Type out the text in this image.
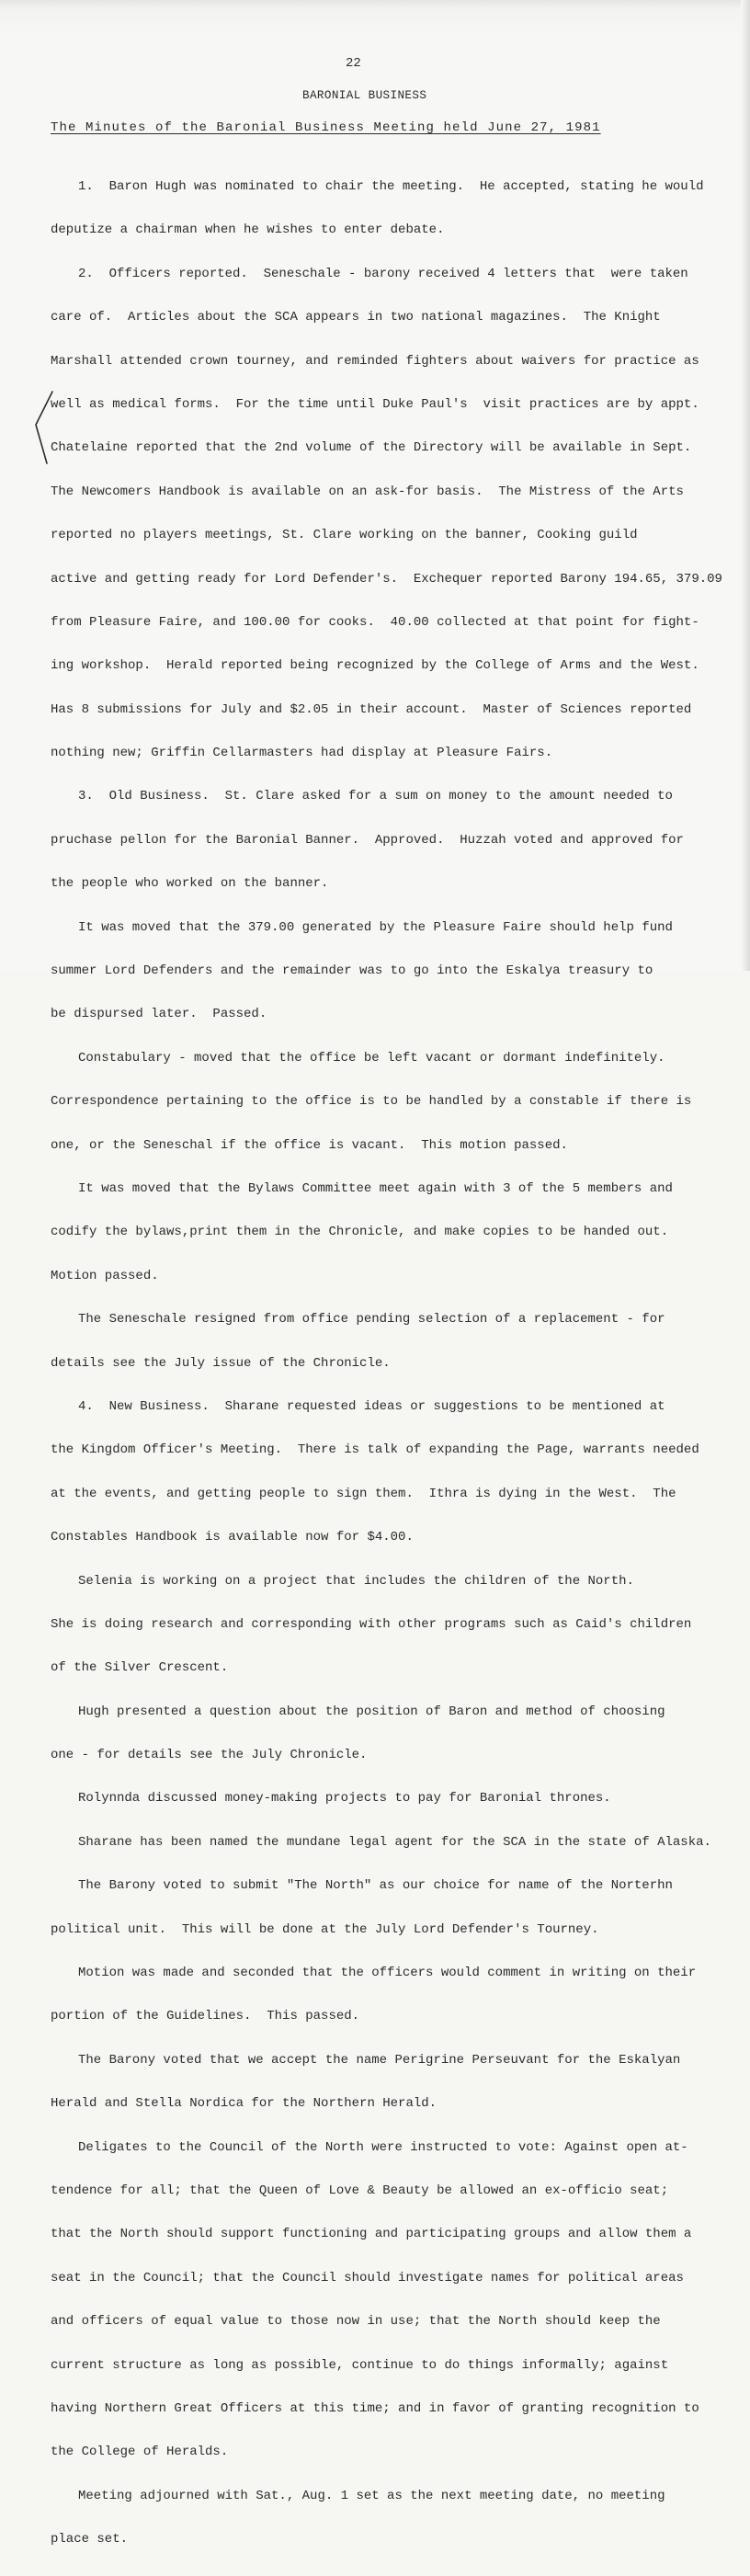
22
BARONIAL BUSINESS
The Minutes of the Baronial Business Meeting held June 27, 1981

1.  Baron Hugh was nominated to chair the meeting.  He accepted, stating he would

deputize a chairman when he wishes to enter debate.

2.  Officers reported.  Seneschale - barony received 4 letters that  were taken

care of.  Articles about the SCA appears in two national magazines.  The Knight

Marshall attended crown tourney, and reminded fighters about waivers for practice as

well as medical forms.  For the time until Duke Paul's  visit practices are by appt.

Chatelaine reported that the 2nd volume of the Directory will be available in Sept.

The Newcomers Handbook is available on an ask-for basis.  The Mistress of the Arts

reported no players meetings, St. Clare working on the banner, Cooking guild

active and getting ready for Lord Defender's.  Exchequer reported Barony 194.65, 379.09

from Pleasure Faire, and 100.00 for cooks.  40.00 collected at that point for fight-

ing workshop.  Herald reported being recognized by the College of Arms and the West.

Has 8 submissions for July and $2.05 in their account.  Master of Sciences reported

nothing new; Griffin Cellarmasters had display at Pleasure Fairs.

3.  Old Business.  St. Clare asked for a sum on money to the amount needed to

pruchase pellon for the Baronial Banner.  Approved.  Huzzah voted and approved for

the people who worked on the banner.

It was moved that the 379.00 generated by the Pleasure Faire should help fund

summer Lord Defenders and the remainder was to go into the Eskalya treasury to

be dispursed later.  Passed.

Constabulary - moved that the office be left vacant or dormant indefinitely.

Correspondence pertaining to the office is to be handled by a constable if there is

one, or the Seneschal if the office is vacant.  This motion passed.

It was moved that the Bylaws Committee meet again with 3 of the 5 members and

codify the bylaws,print them in the Chronicle, and make copies to be handed out.

Motion passed.

The Seneschale resigned from office pending selection of a replacement - for

details see the July issue of the Chronicle.

4.  New Business.  Sharane requested ideas or suggestions to be mentioned at

the Kingdom Officer's Meeting.  There is talk of expanding the Page, warrants needed

at the events, and getting people to sign them.  Ithra is dying in the West.  The

Constables Handbook is available now for $4.00.

Selenia is working on a project that includes the children of the North.

She is doing research and corresponding with other programs such as Caid's children

of the Silver Crescent.

Hugh presented a question about the position of Baron and method of choosing

one - for details see the July Chronicle.

Rolynnda discussed money-making projects to pay for Baronial thrones.

Sharane has been named the mundane legal agent for the SCA in the state of Alaska.

The Barony voted to submit "The North" as our choice for name of the Norterhn

political unit.  This will be done at the July Lord Defender's Tourney.

Motion was made and seconded that the officers would comment in writing on their

portion of the Guidelines.  This passed.

The Barony voted that we accept the name Perigrine Perseuvant for the Eskalyan

Herald and Stella Nordica for the Northern Herald.

Deligates to the Council of the North were instructed to vote: Against open at-

tendence for all; that the Queen of Love & Beauty be allowed an ex-officio seat;

that the North should support functioning and participating groups and allow them a

seat in the Council; that the Council should investigate names for political areas

and officers of equal value to those now in use; that the North should keep the

current structure as long as possible, continue to do things informally; against

having Northern Great Officers at this time; and in favor of granting recognition to

the College of Heralds.

Meeting adjourned with Sat., Aug. 1 set as the next meeting date, no meeting

place set.
